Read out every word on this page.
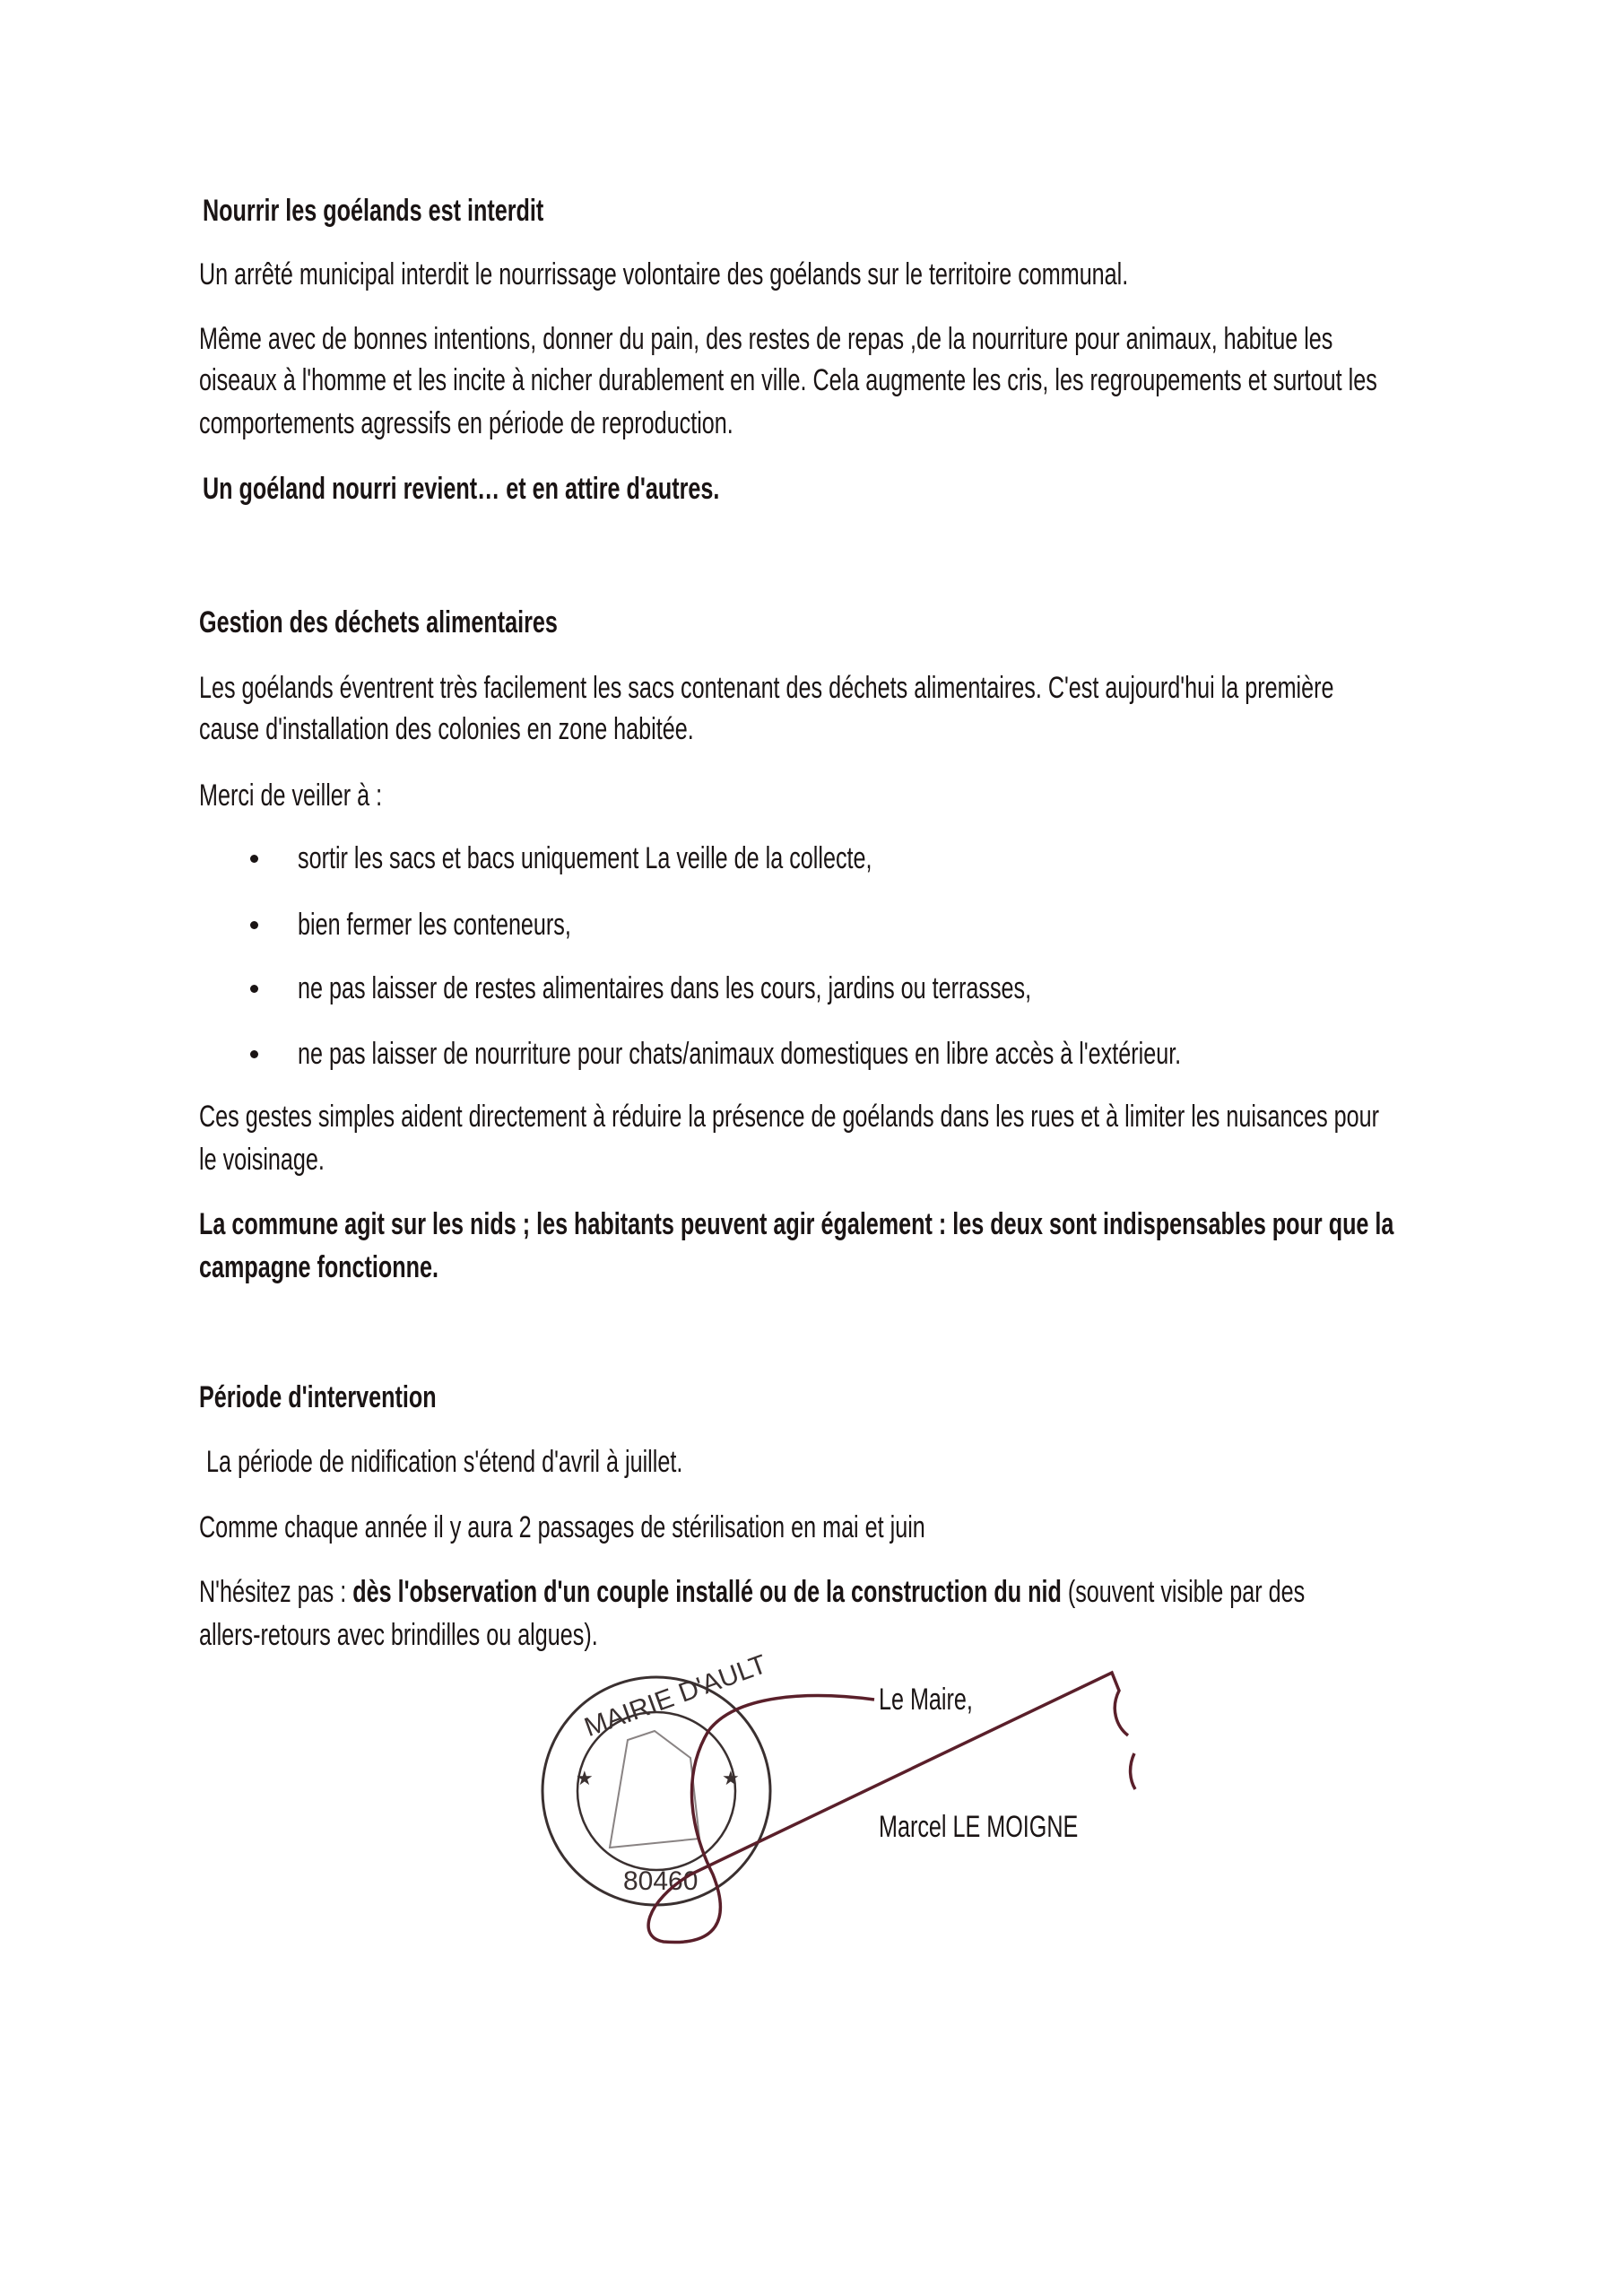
Nourrir les goélands est interdit
Un arrêté municipal interdit le nourrissage volontaire des goélands sur le territoire communal.
Même avec de bonnes intentions, donner du pain, des restes de repas ,de la nourriture pour animaux, habitue les
oiseaux à l'homme et les incite à nicher durablement en ville. Cela augmente les cris, les regroupements et surtout les
comportements agressifs en période de reproduction.
Un goéland nourri revient… et en attire d'autres.
Gestion des déchets alimentaires
Les goélands éventrent très facilement les sacs contenant des déchets alimentaires. C'est aujourd'hui la première
cause d'installation des colonies en zone habitée.
Merci de veiller à :
sortir les sacs et bacs uniquement La veille de la collecte,
bien fermer les conteneurs,
ne pas laisser de restes alimentaires dans les cours, jardins ou terrasses,
ne pas laisser de nourriture pour chats/animaux domestiques en libre accès à l'extérieur.
Ces gestes simples aident directement à réduire la présence de goélands dans les rues et à limiter les nuisances pour
le voisinage.
La commune agit sur les nids ; les habitants peuvent agir également : les deux sont indispensables pour que la
campagne fonctionne.
Période d'intervention
La période de nidification s'étend d'avril à juillet.
Comme chaque année il y aura 2 passages de stérilisation en mai et juin
N'hésitez pas : dès l'observation d'un couple installé ou de la construction du nid (souvent visible par des
allers-retours avec brindilles ou algues).
Le Maire,
Marcel LE MOIGNE
★	★
80460
MAIRIE D'AULT
